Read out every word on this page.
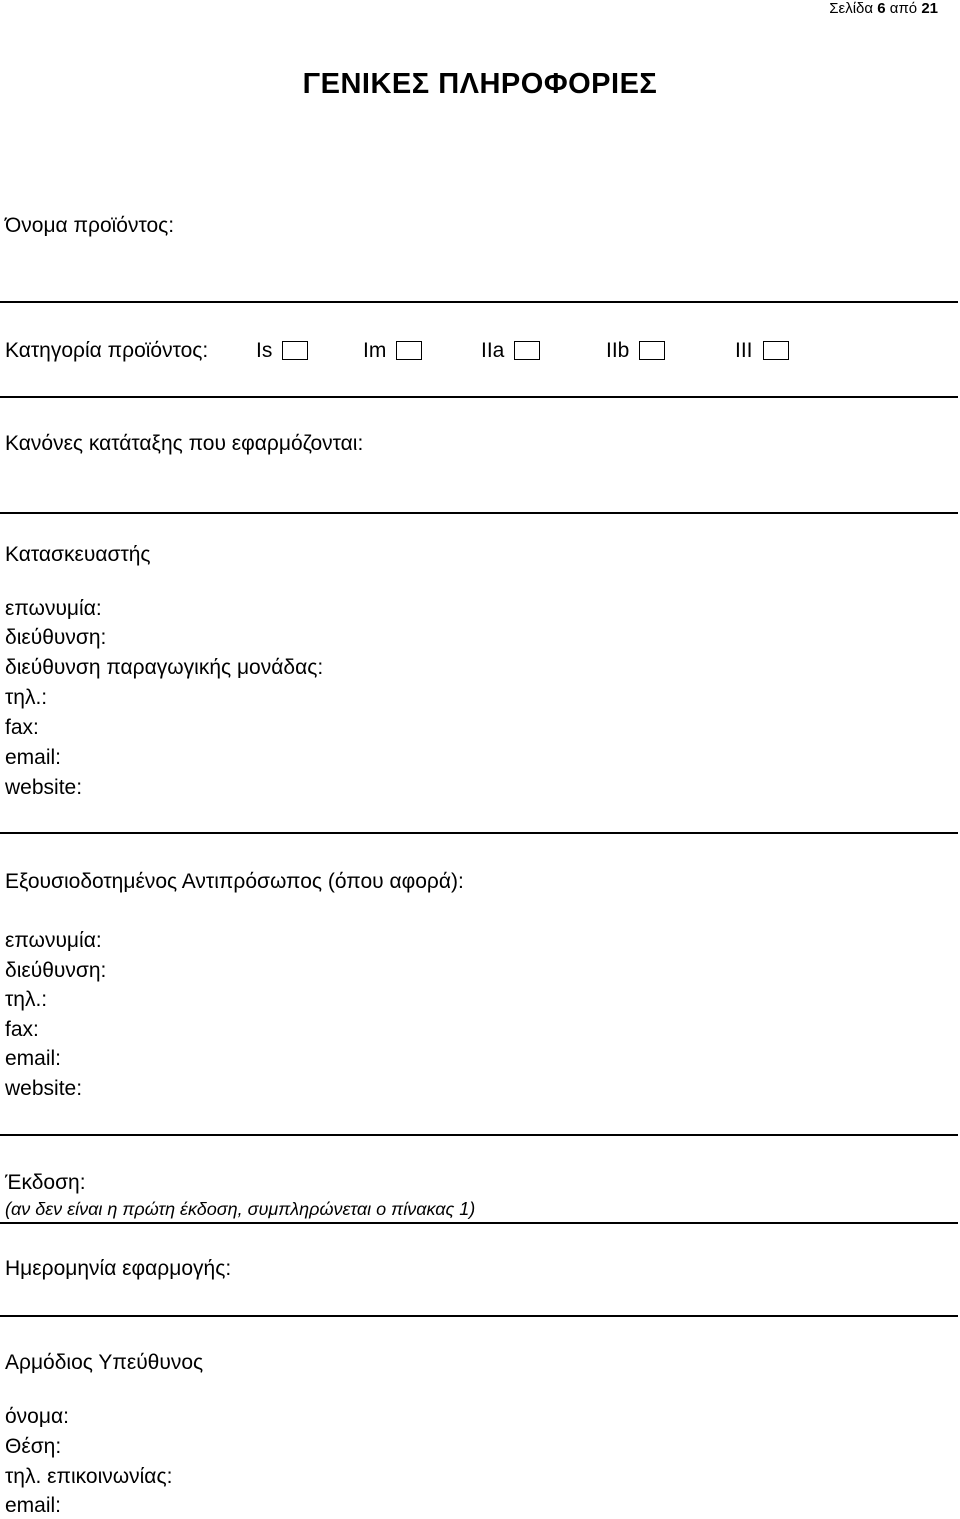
Σελίδα 6 από 21
ΓΕΝΙΚΕΣ ΠΛΗΡΟΦΟΡΙΕΣ
Όνομα προϊόντος:
Κατηγορία προϊόντος: Is	Im	IIa	IIb	III
Κανόνες κατάταξης που εφαρμόζονται:
Κατασκευαστής
επωνυμία:
διεύθυνση:
διεύθυνση παραγωγικής μονάδας:
τηλ.:
fax:
email:
website:
Εξουσιοδοτημένος Αντιπρόσωπος (όπου αφορά):
επωνυμία:
διεύθυνση:
τηλ.:
fax:
email:
website:
Έκδοση:
(αν δεν είναι η πρώτη έκδοση, συμπληρώνεται ο πίνακας 1)
Ημερομηνία εφαρμογής:
Αρμόδιος Υπεύθυνος
όνομα:
Θέση:
τηλ. επικοινωνίας:
email:
